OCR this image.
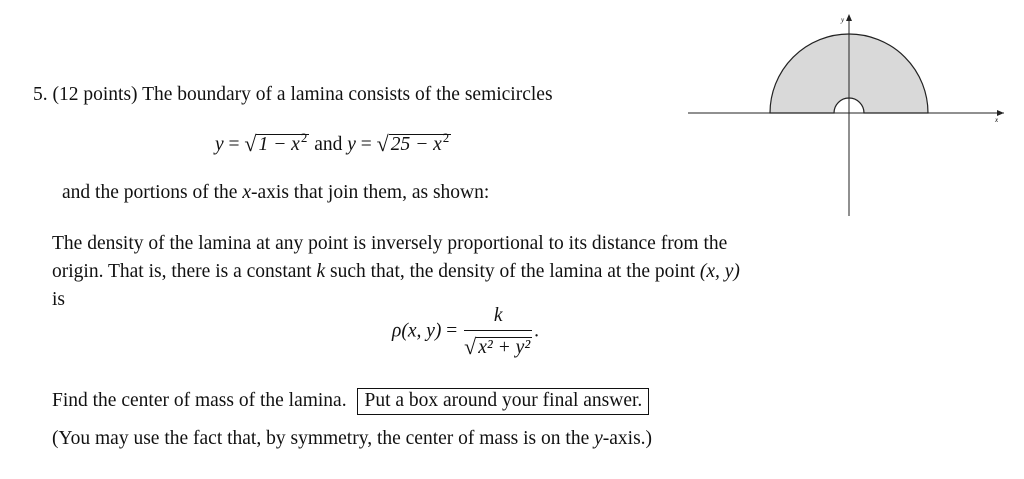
5. (12 points) The boundary of a lamina consists of the semicircles
y = √ $1 - x^2$ and y = √ $25 - x^2$
and the portions of the x-axis that join them, as shown:
The density of the lamina at any point is inversely proportional to its distance from the
origin. That is, there is a constant k such that, the density of the lamina at the point (x, y)
is
ρ(x, $y) = \frac{k}{\text{√ x² + y²}}$ .
Find the center of mass of the lamina. Put a box around your final answer.
(You may use the fact that, by symmetry, the center of mass is on the y-axis.)
x
y
